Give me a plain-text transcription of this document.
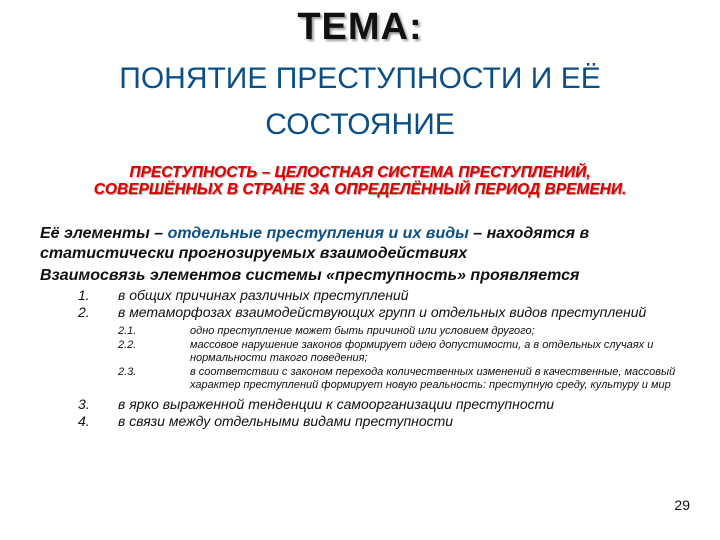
ТЕМА:
ПОНЯТИЕ ПРЕСТУПНОСТИ И ЕЁ
СОСТОЯНИЕ
ПРЕСТУПНОСТЬ – ЦЕЛОСТНАЯ СИСТЕМА ПРЕСТУПЛЕНИЙ,
СОВЕРШЁННЫХ В СТРАНЕ ЗА ОПРЕДЕЛЁННЫЙ ПЕРИОД ВРЕМЕНИ.
Её элементы – отдельные преступления и их виды – находятся в статистически прогнозируемых взаимодействиях
Взаимосвязь элементов системы «преступность» проявляется
1.	в общих причинах различных преступлений
2.	в метаморфозах взаимодействующих групп и отдельных видов преступлений
2.1.	одно преступление может быть причиной или условием другого;
2.2.	массовое нарушение законов формирует идею допустимости, а в отдельных случаях и нормальности такого поведения;
2.3.	в соответствии с законом перехода количественных изменений в качественные, массовый характер преступлений формирует новую реальность: преступную среду, культуру и мир
3.	в ярко выраженной тенденции к самоорганизации преступности
4.	в связи между отдельными видами преступности
29
